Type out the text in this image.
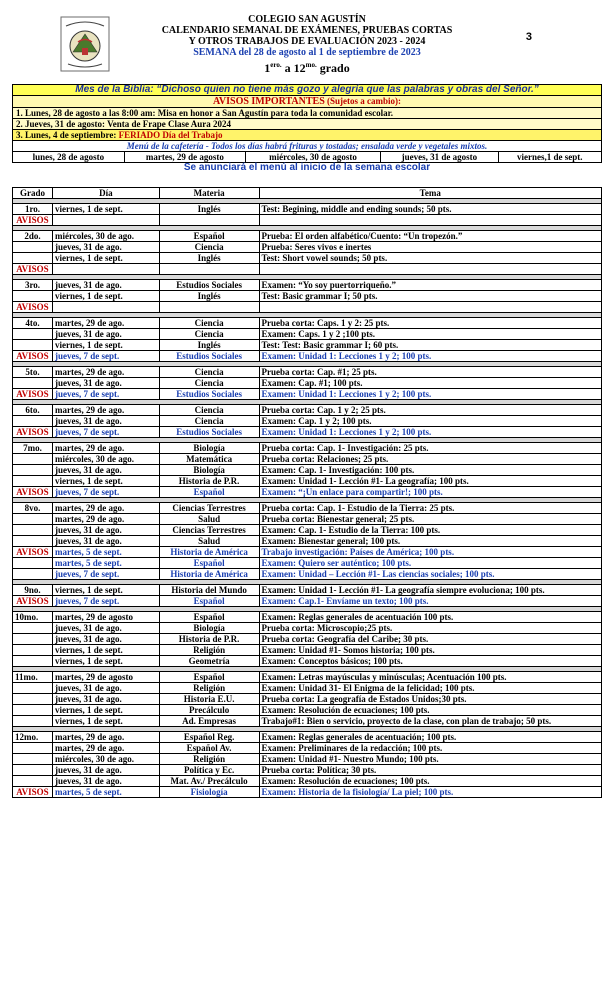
COLEGIO SAN AGUSTÍN
CALENDARIO SEMANAL DE EXÁMENES, PRUEBAS CORTAS
Y OTROS TRABAJOS DE EVALUACIÓN 2023 - 2024
SEMANA del 28 de agosto al 1 de septiembre de 2023
$1^{ero.}$ a $12^{mo.}$ grado
3
Mes de la Biblia: “Dichoso quien no tiene más gozo y alegría que las palabras y obras del Señor.”
AVISOS IMPORTANTES (Sujetos a cambio):
1. Lunes, 28 de agosto a las 8:00 am: Misa en honor a San Agustín para toda la comunidad escolar.
2. Jueves, 31 de agosto: Venta de Frape Clase Aura 2024
3. Lunes, 4 de septiembre: FERIADO Día del Trabajo
Menú de la cafetería - Todos los días habrá frituras y tostadas; ensalada verde y vegetales mixtos.
lunes, 28 de agosto	martes, 29 de agosto	miércoles, 30 de agosto	jueves, 31 de agosto	viernes,1 de sept.
Se anunciará el menú al inicio de la semana escolar
Grado	Día	Materia	Tema

1ro.	viernes, 1 de sept.	Inglés	Test: Begining, middle and ending sounds; 50 pts.
AVISOS			

2do.	miércoles, 30 de ago.	Español	Prueba: El orden alfabético/Cuento: “Un tropezón.”
	jueves, 31 de ago.	Ciencia	Prueba: Seres vivos e inertes
	viernes, 1 de sept.	Inglés	Test: Short vowel sounds; 50 pts.
AVISOS			

3ro.	jueves, 31 de ago.	Estudios Sociales	Examen: “Yo soy puertorriqueño.”
	viernes, 1 de sept.	Inglés	Test: Basic grammar I; 50 pts.
AVISOS			

4to.	martes, 29 de ago.	Ciencia	Prueba corta: Caps. 1 y 2: 25 pts.
	jueves, 31 de ago.	Ciencia	Examen: Caps. 1 y 2 ;100 pts.
	viernes, 1 de sept.	Inglés	Test: Test: Basic grammar I; 60 pts.
AVISOS	jueves, 7 de sept.	Estudios Sociales	Examen: Unidad 1: Lecciones 1 y 2; 100 pts.

5to.	martes, 29 de ago.	Ciencia	Prueba corta: Cap. #1; 25 pts.
	jueves, 31 de ago.	Ciencia	Examen: Cap. #1; 100 pts.
AVISOS	jueves, 7 de sept.	Estudios Sociales	Examen: Unidad 1: Lecciones 1 y 2; 100 pts.

6to.	martes, 29 de ago.	Ciencia	Prueba corta: Cap. 1 y 2; 25 pts.
	jueves, 31 de ago.	Ciencia	Examen: Cap. 1 y 2; 100 pts.
AVISOS	jueves, 7 de sept.	Estudios Sociales	Examen: Unidad 1: Lecciones 1 y 2; 100 pts.

7mo.	martes, 29 de ago.	Biología	Prueba corta: Cap. 1- Investigación: 25 pts.
	miércoles, 30 de ago.	Matemática	Prueba corta: Relaciones; 25 pts.
	jueves, 31 de ago.	Biología	Examen: Cap. 1- Investigación: 100 pts.
	viernes, 1 de sept.	Historia de P.R.	Examen: Unidad 1- Lección #1- La geografía; 100 pts.
AVISOS	jueves, 7 de sept.	Español	Examen: “¡Un enlace para compartir!; 100 pts.

8vo.	martes, 29 de ago.	Ciencias Terrestres	Prueba corta: Cap. 1- Estudio de la Tierra: 25 pts.
	martes, 29 de ago.	Salud	Prueba corta: Bienestar general; 25 pts.
	jueves, 31 de ago.	Ciencias Terrestres	Examen: Cap. 1- Estudio de la Tierra: 100 pts.
	jueves, 31 de ago.	Salud	Examen: Bienestar general; 100 pts.
AVISOS	martes, 5 de sept.	Historia de América	Trabajo investigación: Países de América; 100 pts.
	martes, 5 de sept.	Español	Examen: Quiero ser auténtico; 100 pts.
	jueves, 7 de sept.	Historia de América	Examen: Unidad – Lección #1- Las ciencias sociales; 100 pts.

9no.	viernes, 1 de sept.	Historia del Mundo	Examen: Unidad 1- Lección #1- La geografía siempre evoluciona; 100 pts.
AVISOS	jueves, 7 de sept.	Español	Examen: Cap.1- Envíame un texto; 100 pts.

10mo.	martes, 29 de agosto	Español	Examen: Reglas generales de acentuación 100 pts.
	jueves, 31 de ago.	Biología	Prueba corta: Microscopio;25 pts.
	jueves, 31 de ago.	Historia de P.R.	Prueba corta: Geografía del Caribe; 30 pts.
	viernes, 1 de sept.	Religión	Examen: Unidad #1- Somos historia; 100 pts.
	viernes, 1 de sept.	Geometría	Examen: Conceptos básicos; 100 pts.

11mo.	martes, 29 de agosto	Español	Examen: Letras mayúsculas y minúsculas; Acentuación 100 pts.
	jueves, 31 de ago.	Religión	Examen: Unidad 31- El Enigma de la felicidad; 100 pts.
	jueves, 31 de ago.	Historia E.U.	Prueba corta: La geografía de Estados Unidos;30 pts.
	viernes, 1 de sept.	Precálculo	Examen: Resolución de ecuaciones; 100 pts.
	viernes, 1 de sept.	Ad. Empresas	Trabajo#1: Bien o servicio, proyecto de la clase, con plan de trabajo; 50 pts.

12mo.	martes, 29 de ago.	Español Reg.	Examen: Reglas generales de acentuación; 100 pts.
	martes, 29 de ago.	Español Av.	Examen: Preliminares de la redacción; 100 pts.
	miércoles, 30 de ago.	Religión	Examen: Unidad #1- Nuestro Mundo; 100 pts.
	jueves, 31 de ago.	Política y Ec.	Prueba corta: Política; 30 pts.
	jueves, 31 de ago.	Mat. Av./ Precálculo	Examen: Resolución de ecuaciones; 100 pts.
AVISOS	martes, 5 de sept.	Fisiología	Examen: Historia de la fisiología/ La piel; 100 pts.
